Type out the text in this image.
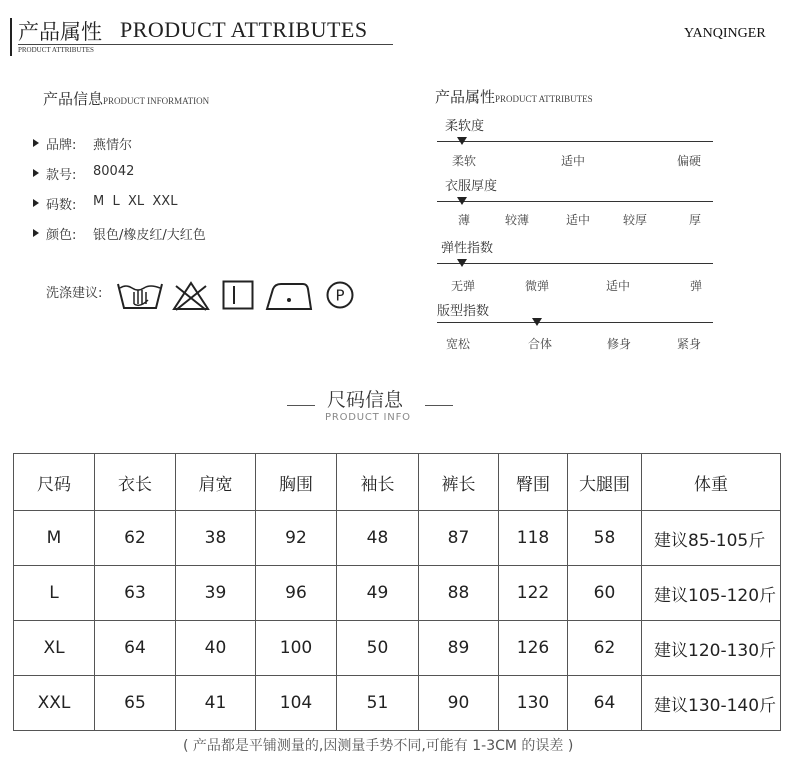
产品属性 PRODUCT ATTRIBUTES
PRODUCT ATTRIBUTES
YANQINGER
产品信息PRODUCT INFORMATION
品牌: 燕情尔
款号: 80042
码数: M  L  XL  XXL
颜色: 银色/橡皮红/大红色
洗涤建议:	P
产品属性PRODUCT ATTRIBUTES
柔软度
柔软	适中	偏硬
衣服厚度
薄	较薄	适中	较厚	厚
弹性指数
无弹	微弹	适中	弹
版型指数
宽松	合体	修身	紧身
尺码信息
PRODUCT INFO
尺码	衣长	肩宽	胸围	袖长	裤长	臀围	大腿围	体重
M	62	38	92	48	87	118	58	建议85-105斤
L	63	39	96	49	88	122	60	建议105-120斤
XL	64	40	100	50	89	126	62	建议120-130斤
XXL	65	41	104	51	90	130	64	建议130-140斤
( 产品都是平铺测量的,因测量手势不同,可能有 1-3CM 的误差 )
